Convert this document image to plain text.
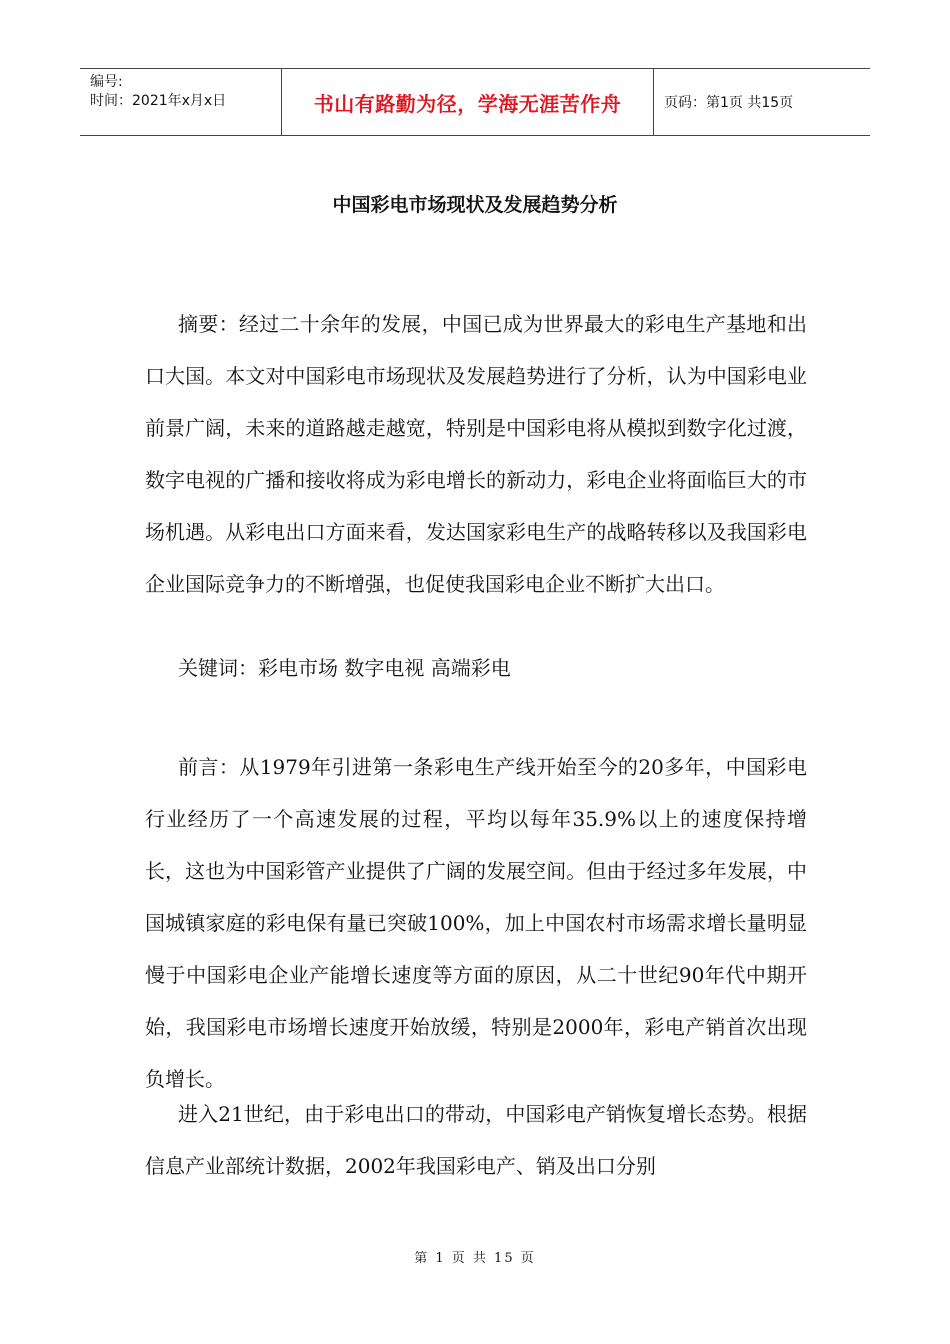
编号:
时间：2021年x月x日	书山有路勤为径，学海无涯苦作舟	页码：第1页 共15页
中国彩电市场现状及发展趋势分析

摘要：经过二十余年的发展，中国已成为世界最大的彩电生产基地和出口大国。本文对中国彩电市场现状及发展趋势进行了分析，认为中国彩电业前景广阔，未来的道路越走越宽，特别是中国彩电将从模拟到数字化过渡，数字电视的广播和接收将成为彩电增长的新动力，彩电企业将面临巨大的市场机遇。从彩电出口方面来看，发达国家彩电生产的战略转移以及我国彩电企业国际竞争力的不断增强，也促使我国彩电企业不断扩大出口。

关键词：彩电市场 数字电视 高端彩电

前言：从1979年引进第一条彩电生产线开始至今的20多年，中国彩电行业经历了一个高速发展的过程，平均以每年35.9%以上的速度保持增长，这也为中国彩管产业提供了广阔的发展空间。但由于经过多年发展，中国城镇家庭的彩电保有量已突破100%，加上中国农村市场需求增长量明显慢于中国彩电企业产能增长速度等方面的原因，从二十世纪90年代中期开始，我国彩电市场增长速度开始放缓，特别是2000年，彩电产销首次出现负增长。

进入21世纪，由于彩电出口的带动，中国彩电产销恢复增长态势。根据信息产业部统计数据，2002年我国彩电产、销及出口分别

第 1 页 共 15 页
